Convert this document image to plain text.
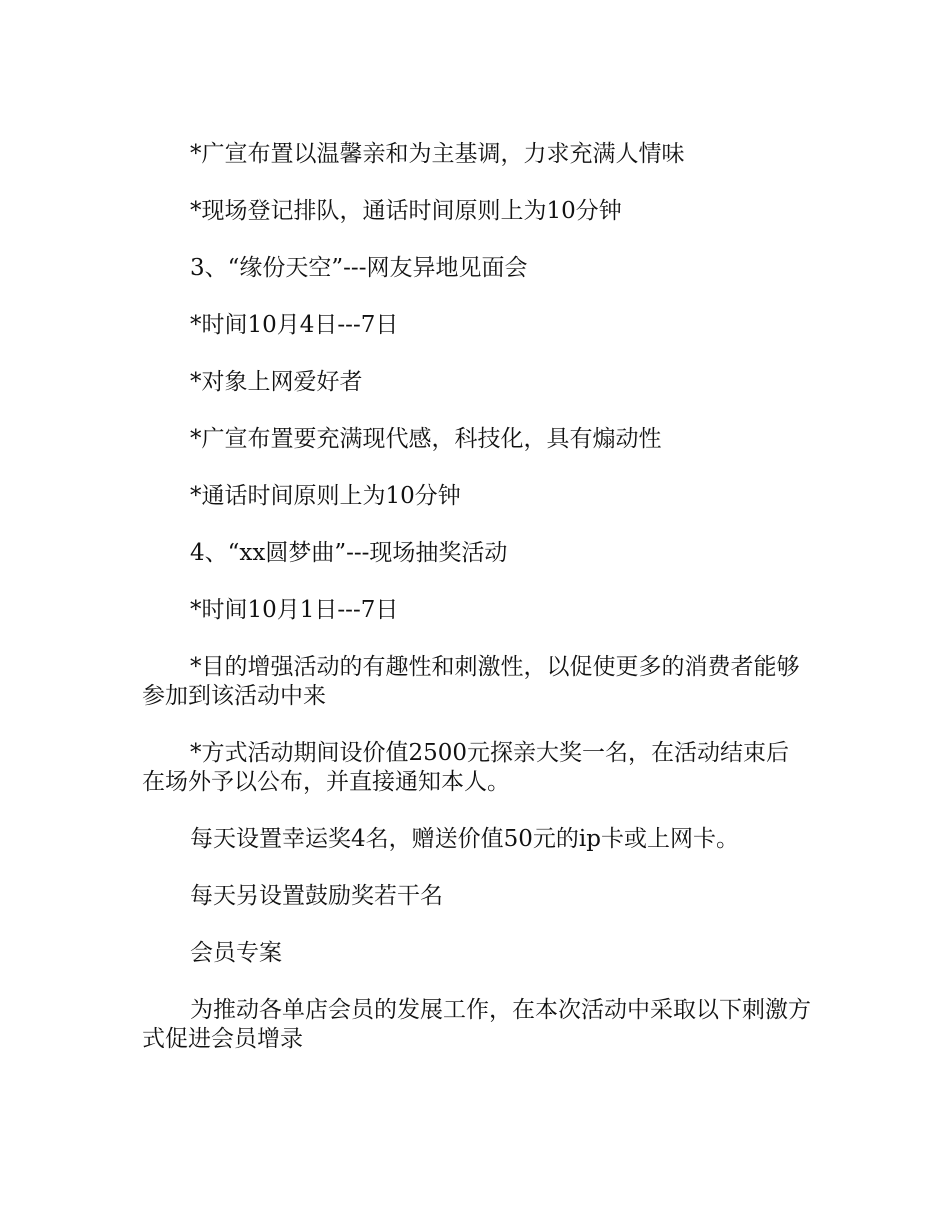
*广宣布置以温馨亲和为主基调，力求充满人情味

*现场登记排队，通话时间原则上为10分钟

3、“缘份天空”---网友异地见面会

*时间10月4日---7日

*对象上网爱好者

*广宣布置要充满现代感，科技化，具有煽动性

*通话时间原则上为10分钟

4、“xx圆梦曲”---现场抽奖活动

*时间10月1日---7日

*目的增强活动的有趣性和刺激性，以促使更多的消费者能够参加到该活动中来

*方式活动期间设价值2500元探亲大奖一名，在活动结束后在场外予以公布，并直接通知本人。

每天设置幸运奖4名，赠送价值50元的ip卡或上网卡。

每天另设置鼓励奖若干名

会员专案

为推动各单店会员的发展工作，在本次活动中采取以下刺激方式促进会员增录
